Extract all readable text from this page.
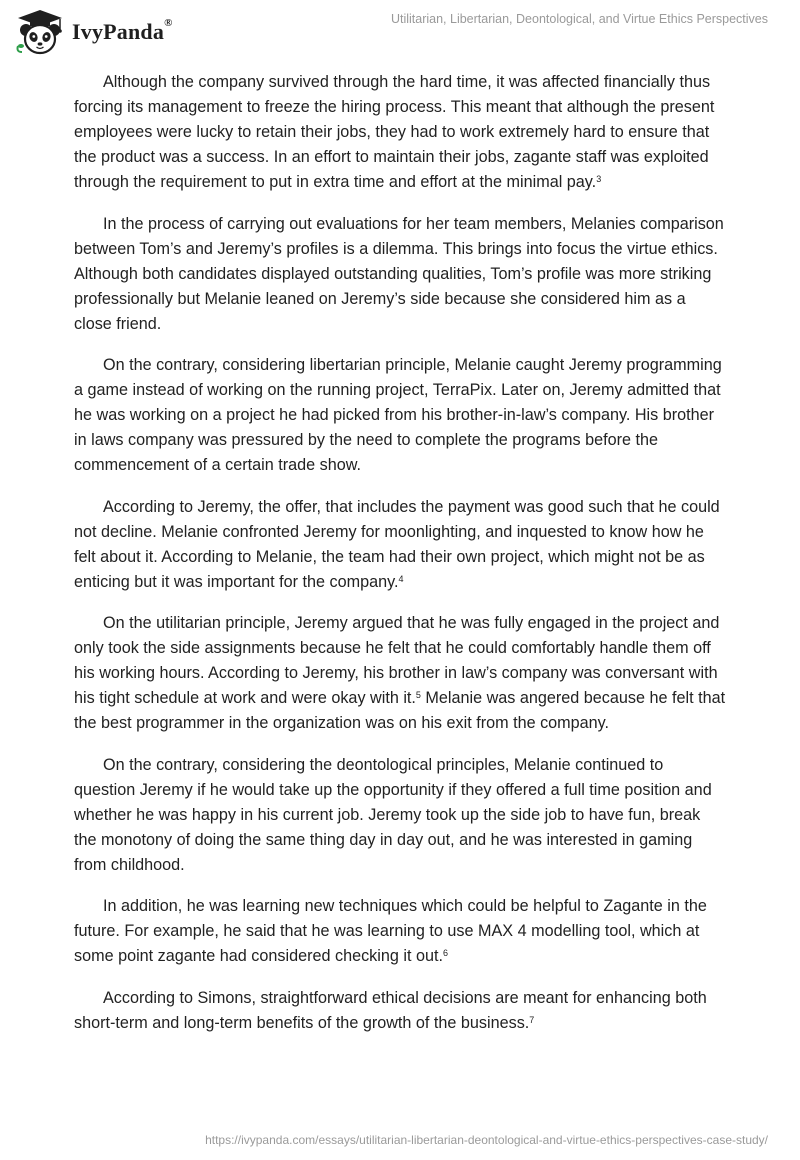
IvyPanda®	Utilitarian, Libertarian, Deontological, and Virtue Ethics Perspectives

Although the company survived through the hard time, it was affected financially thus forcing its management to freeze the hiring process. This meant that although the present employees were lucky to retain their jobs, they had to work extremely hard to ensure that the product was a success. In an effort to maintain their jobs, zagante staff was exploited through the requirement to put in extra time and effort at the minimal pay.$^3$

In the process of carrying out evaluations for her team members, Melanies comparison between Tom’s and Jeremy’s profiles is a dilemma. This brings into focus the virtue ethics. Although both candidates displayed outstanding qualities, Tom’s profile was more striking professionally but Melanie leaned on Jeremy’s side because she considered him as a close friend.

On the contrary, considering libertarian principle, Melanie caught Jeremy programming a game instead of working on the running project, TerraPix. Later on, Jeremy admitted that he was working on a project he had picked from his brother-in-law’s company. His brother in laws company was pressured by the need to complete the programs before the commencement of a certain trade show.

According to Jeremy, the offer, that includes the payment was good such that he could not decline. Melanie confronted Jeremy for moonlighting, and inquested to know how he felt about it. According to Melanie, the team had their own project, which might not be as enticing but it was important for the company.$^4$

On the utilitarian principle, Jeremy argued that he was fully engaged in the project and only took the side assignments because he felt that he could comfortably handle them off his working hours. According to Jeremy, his brother in law’s company was conversant with his tight schedule at work and were okay with it.$^5$ Melanie was angered because he felt that the best programmer in the organization was on his exit from the company.

On the contrary, considering the deontological principles, Melanie continued to question Jeremy if he would take up the opportunity if they offered a full time position and whether he was happy in his current job. Jeremy took up the side job to have fun, break the monotony of doing the same thing day in day out, and he was interested in gaming from childhood.

In addition, he was learning new techniques which could be helpful to Zagante in the future. For example, he said that he was learning to use MAX 4 modelling tool, which at some point zagante had considered checking it out.$^6$

According to Simons, straightforward ethical decisions are meant for enhancing both short-term and long-term benefits of the growth of the business.$^7$

https://ivypanda.com/essays/utilitarian-libertarian-deontological-and-virtue-ethics-perspectives-case-study/
